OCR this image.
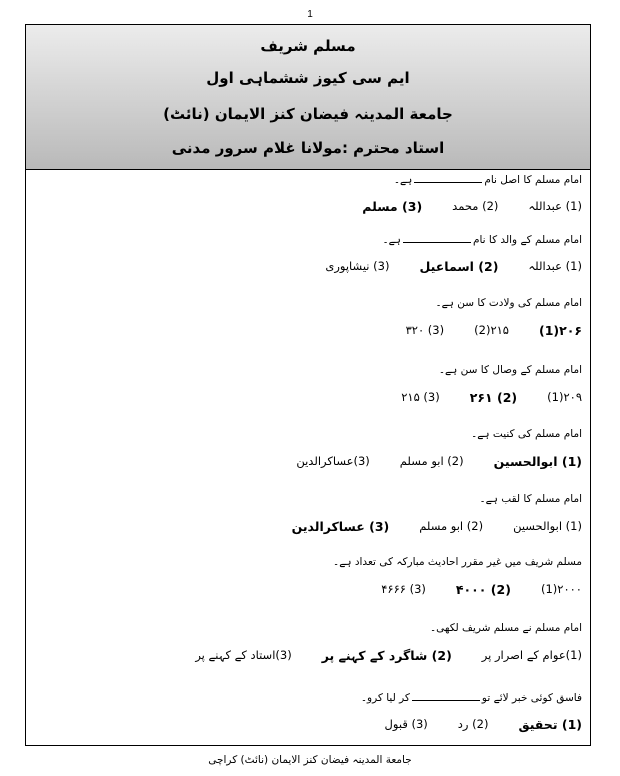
1
مسلم شریف
ایم سی کیوز ششماہی اول
جامعة المدینہ فیضان کنز الایمان (نائٹ)
استاد محترم :مولانا غلام سرور مدنی
امام مسلم کا اصل نامہے۔
(1) عبداللہ
(2) محمد
(3) مسلم
امام مسلم کے والد کا نامہے۔
(1) عبداللہ
(2) اسماعیل
(3) نیشاپوری
امام مسلم کی ولادت کا سن ہے۔
۲۰۶(1)
۲۱۵(2)
(3) ۳۲۰
امام مسلم کے وصال کا سن ہے۔
۲۰۹(1)
(2) ۲۶۱
(3) ۲۱۵
امام مسلم کی کنیت ہے۔
(1) ابوالحسین
(2) ابو مسلم
(3)عساکرالدین
امام مسلم کا لقب ہے۔
(1) ابوالحسین
(2) ابو مسلم
(3) عساکرالدین
مسلم شریف میں غیر مقرر احادیث مبارکہ کی تعداد ہے۔
۲۰۰۰(1)
(2) ۴۰۰۰
(3) ۴۶۶۶
امام مسلم نے مسلم شریف لکھی۔
(1)عوام کے اصرار پر
(2) شاگرد کے کہنے پر
(3)استاد کے کہنے پر
فاسق کوئی خبر لائے توکر لیا کرو۔
(1) تحقیق
(2) رد
(3) قبول
جامعة المدینہ فیضان کنز الایمان (نائٹ) کراچی
